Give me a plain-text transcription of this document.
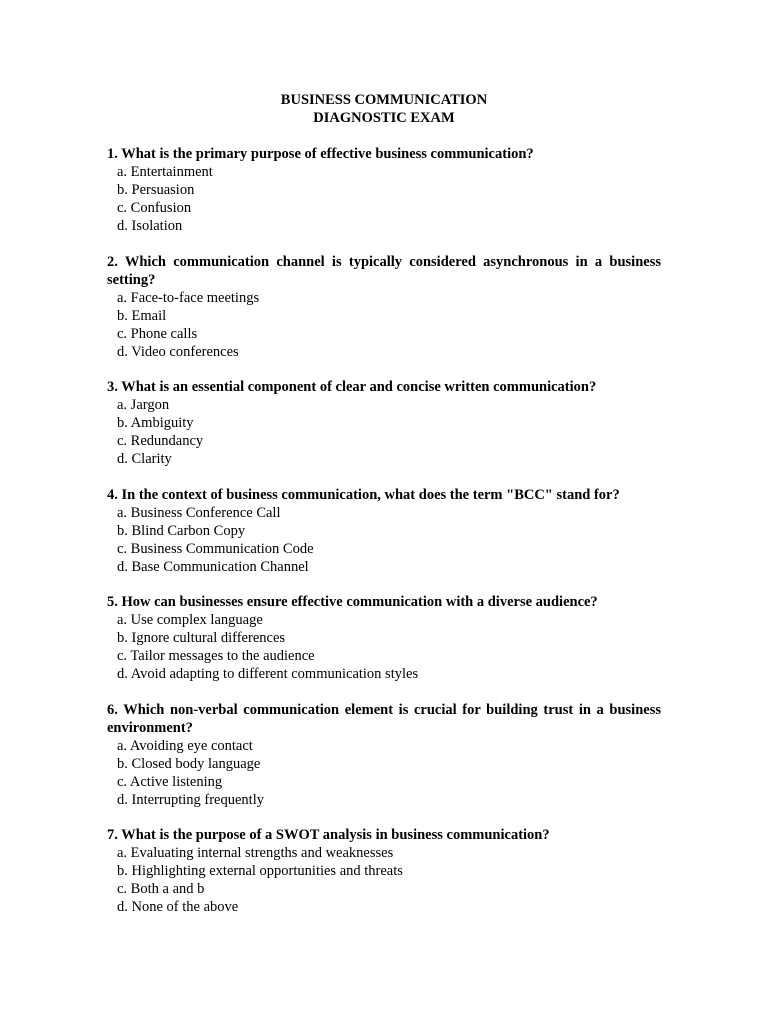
BUSINESS COMMUNICATION
DIAGNOSTIC EXAM
1. What is the primary purpose of effective business communication?
a. Entertainment
b. Persuasion
c. Confusion
d. Isolation
2. Which communication channel is typically considered asynchronous in a business setting?
a. Face-to-face meetings
b. Email
c. Phone calls
d. Video conferences
3. What is an essential component of clear and concise written communication?
a. Jargon
b. Ambiguity
c. Redundancy
d. Clarity
4. In the context of business communication, what does the term "BCC" stand for?
a. Business Conference Call
b. Blind Carbon Copy
c. Business Communication Code
d. Base Communication Channel
5. How can businesses ensure effective communication with a diverse audience?
a. Use complex language
b. Ignore cultural differences
c. Tailor messages to the audience
d. Avoid adapting to different communication styles
6. Which non-verbal communication element is crucial for building trust in a business environment?
a. Avoiding eye contact
b. Closed body language
c. Active listening
d. Interrupting frequently
7. What is the purpose of a SWOT analysis in business communication?
a. Evaluating internal strengths and weaknesses
b. Highlighting external opportunities and threats
c. Both a and b
d. None of the above
